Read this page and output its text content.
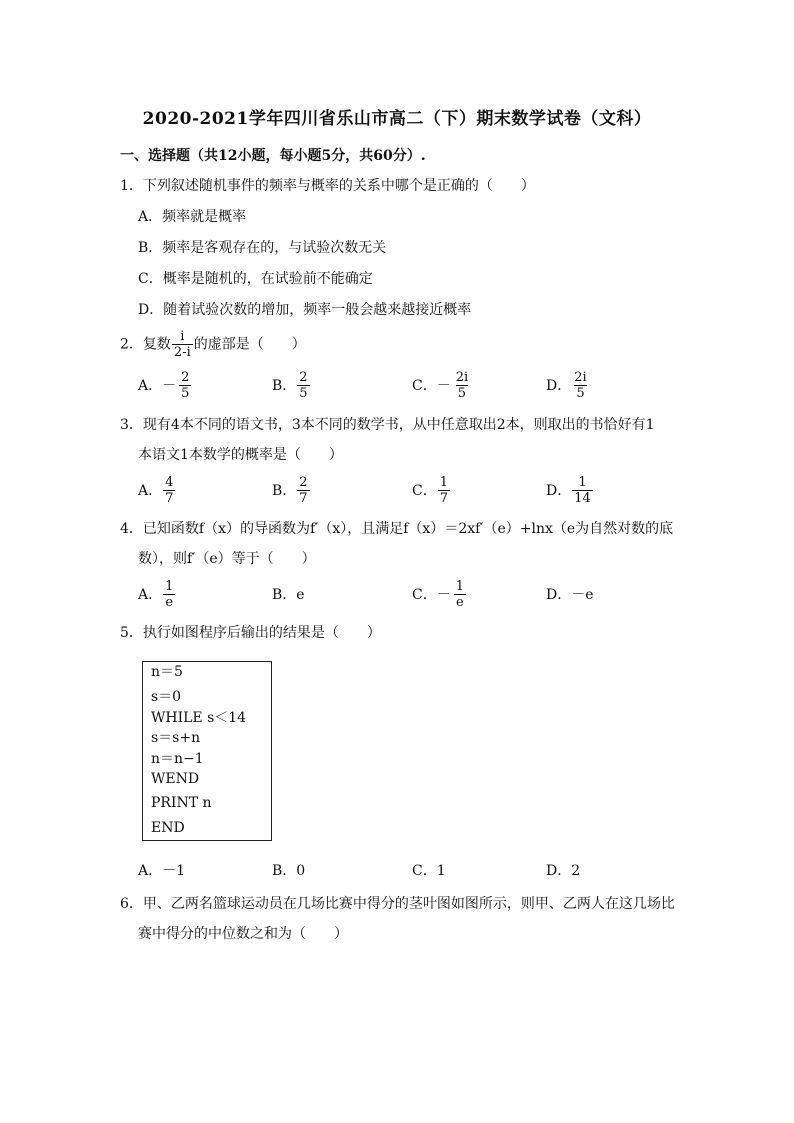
2020-2021学年四川省乐山市高二（下）期末数学试卷（文科）
一、选择题（共12小题，每小题5分，共60分）.
1．下列叙述随机事件的频率与概率的关系中哪个是正确的（　　）
A．频率就是概率
B．频率是客观存在的，与试验次数无关
C．概率是随机的，在试验前不能确定
D．随着试验次数的增加，频率一般会越来越接近概率
2．复数 $\frac{i}{2-i}$ 的虚部是（　　）
A．－ $\frac{2}{5}$	B． $\frac{2}{5}$	C．－ $\frac{2i}{5}$	D． $\frac{2i}{5}$
3．现有4本不同的语文书，3本不同的数学书，从中任意取出2本，则取出的书恰好有1
本语文1本数学的概率是（　　）
A． $\frac{4}{7}$	B． $\frac{2}{7}$	C． $\frac{1}{7}$	D． $\frac{1}{14}$
4．已知函数f（x）的导函数为f′（x），且满足f（x）＝2xf′（e）+lnx（e为自然对数的底
数），则f′（e）等于（　　）
A． $\frac{1}{e}$	B．e	C．－ $\frac{1}{e}$	D．－e
5．执行如图程序后输出的结果是（　　）
n＝5
s＝0
WHILE s＜14
s＝s+n
n＝n−1
WEND
PRINT n
END
A．－1	B．0	C．1	D．2
6．甲、乙两名篮球运动员在几场比赛中得分的茎叶图如图所示，则甲、乙两人在这几场比
赛中得分的中位数之和为（　　）
